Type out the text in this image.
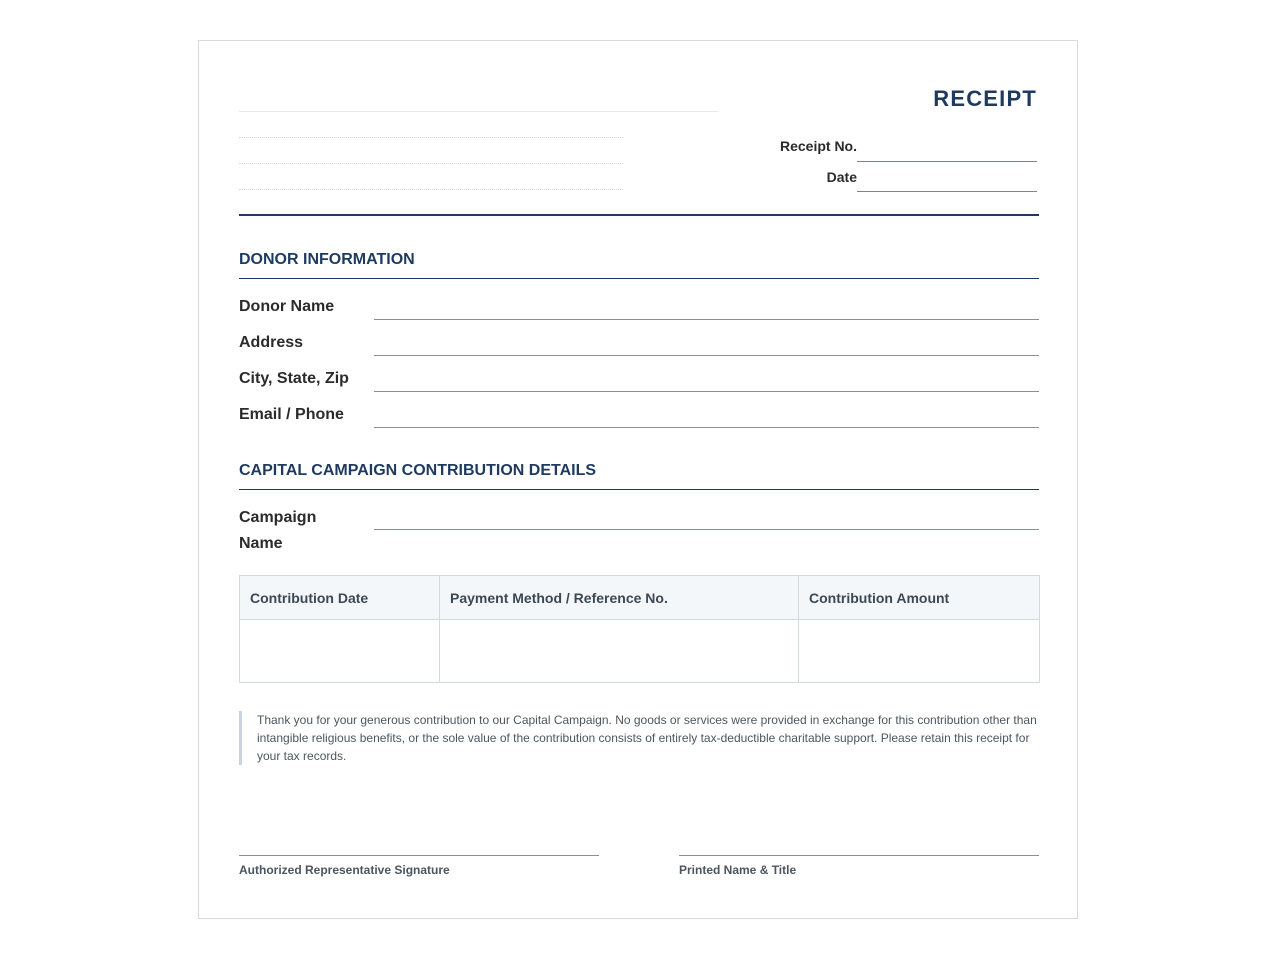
RECEIPT
Receipt No.
Date
DONOR INFORMATION
Donor Name
Address
City, State, Zip
Email / Phone
CAPITAL CAMPAIGN CONTRIBUTION DETAILS
Campaign Name
Contribution Date	Payment Method / Reference No.	Contribution Amount

Thank you for your generous contribution to our Capital Campaign. No goods or services were provided in exchange for this contribution other than intangible religious benefits, or the sole value of the contribution consists of entirely tax-deductible charitable support. Please retain this receipt for your tax records.
Authorized Representative Signature	Printed Name & Title
